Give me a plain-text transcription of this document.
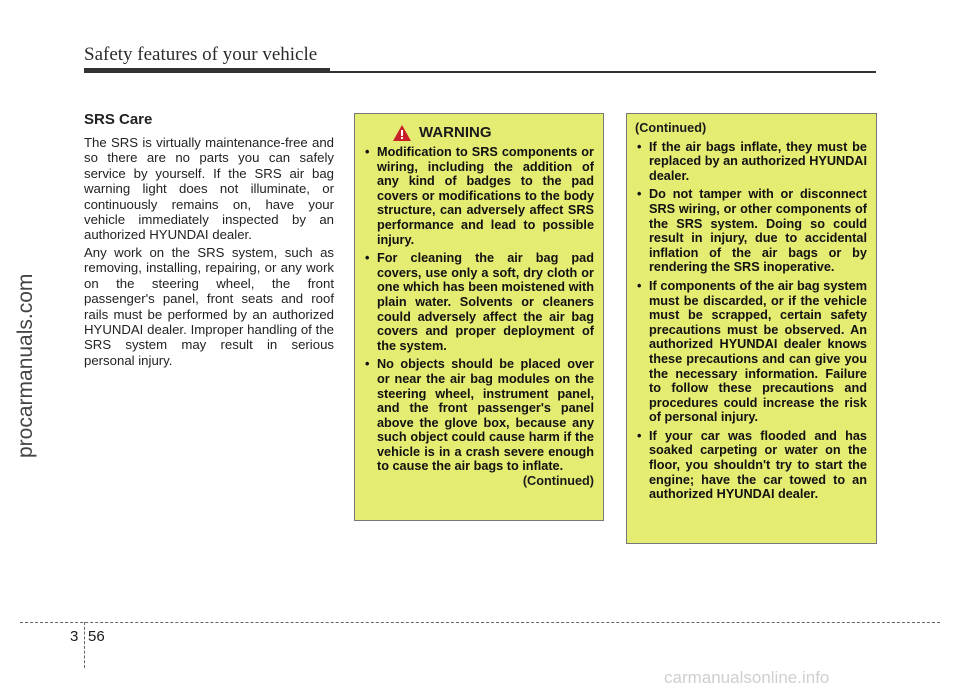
Safety features of your vehicle
procarmanuals.com
SRS Care
The SRS is virtually maintenance-free and so there are no parts you can safely service by yourself. If the SRS air bag warning light does not illuminate, or continuously remains on, have your vehicle immediately inspected by an authorized HYUNDAI dealer.
Any work on the SRS system, such as removing, installing, repairing, or any work on the steering wheel, the front passenger's panel, front seats and roof rails must be performed by an authorized HYUNDAI dealer. Improper handling of the SRS system may result in serious personal injury.
WARNING
• Modification to SRS components or wiring, including the addition of any kind of badges to the pad covers or modifications to the body structure, can adversely affect SRS performance and lead to possible injury.
• For cleaning the air bag pad covers, use only a soft, dry cloth or one which has been moistened with plain water. Solvents or cleaners could adversely affect the air bag covers and proper deployment of the system.
• No objects should be placed over or near the air bag modules on the steering wheel, instrument panel, and the front passenger's panel above the glove box, because any such object could cause harm if the vehicle is in a crash severe enough to cause the air bags to inflate.
(Continued)
(Continued)
• If the air bags inflate, they must be replaced by an authorized HYUNDAI dealer.
• Do not tamper with or disconnect SRS wiring, or other components of the SRS system. Doing so could result in injury, due to accidental inflation of the air bags or by rendering the SRS inoperative.
• If components of the air bag system must be discarded, or if the vehicle must be scrapped, certain safety precautions must be observed. An authorized HYUNDAI dealer knows these precautions and can give you the necessary information. Failure to follow these precautions and procedures could increase the risk of personal injury.
• If your car was flooded and has soaked carpeting or water on the floor, you shouldn't try to start the engine; have the car towed to an authorized HYUNDAI dealer.
3 56
carmanualsonline.info
